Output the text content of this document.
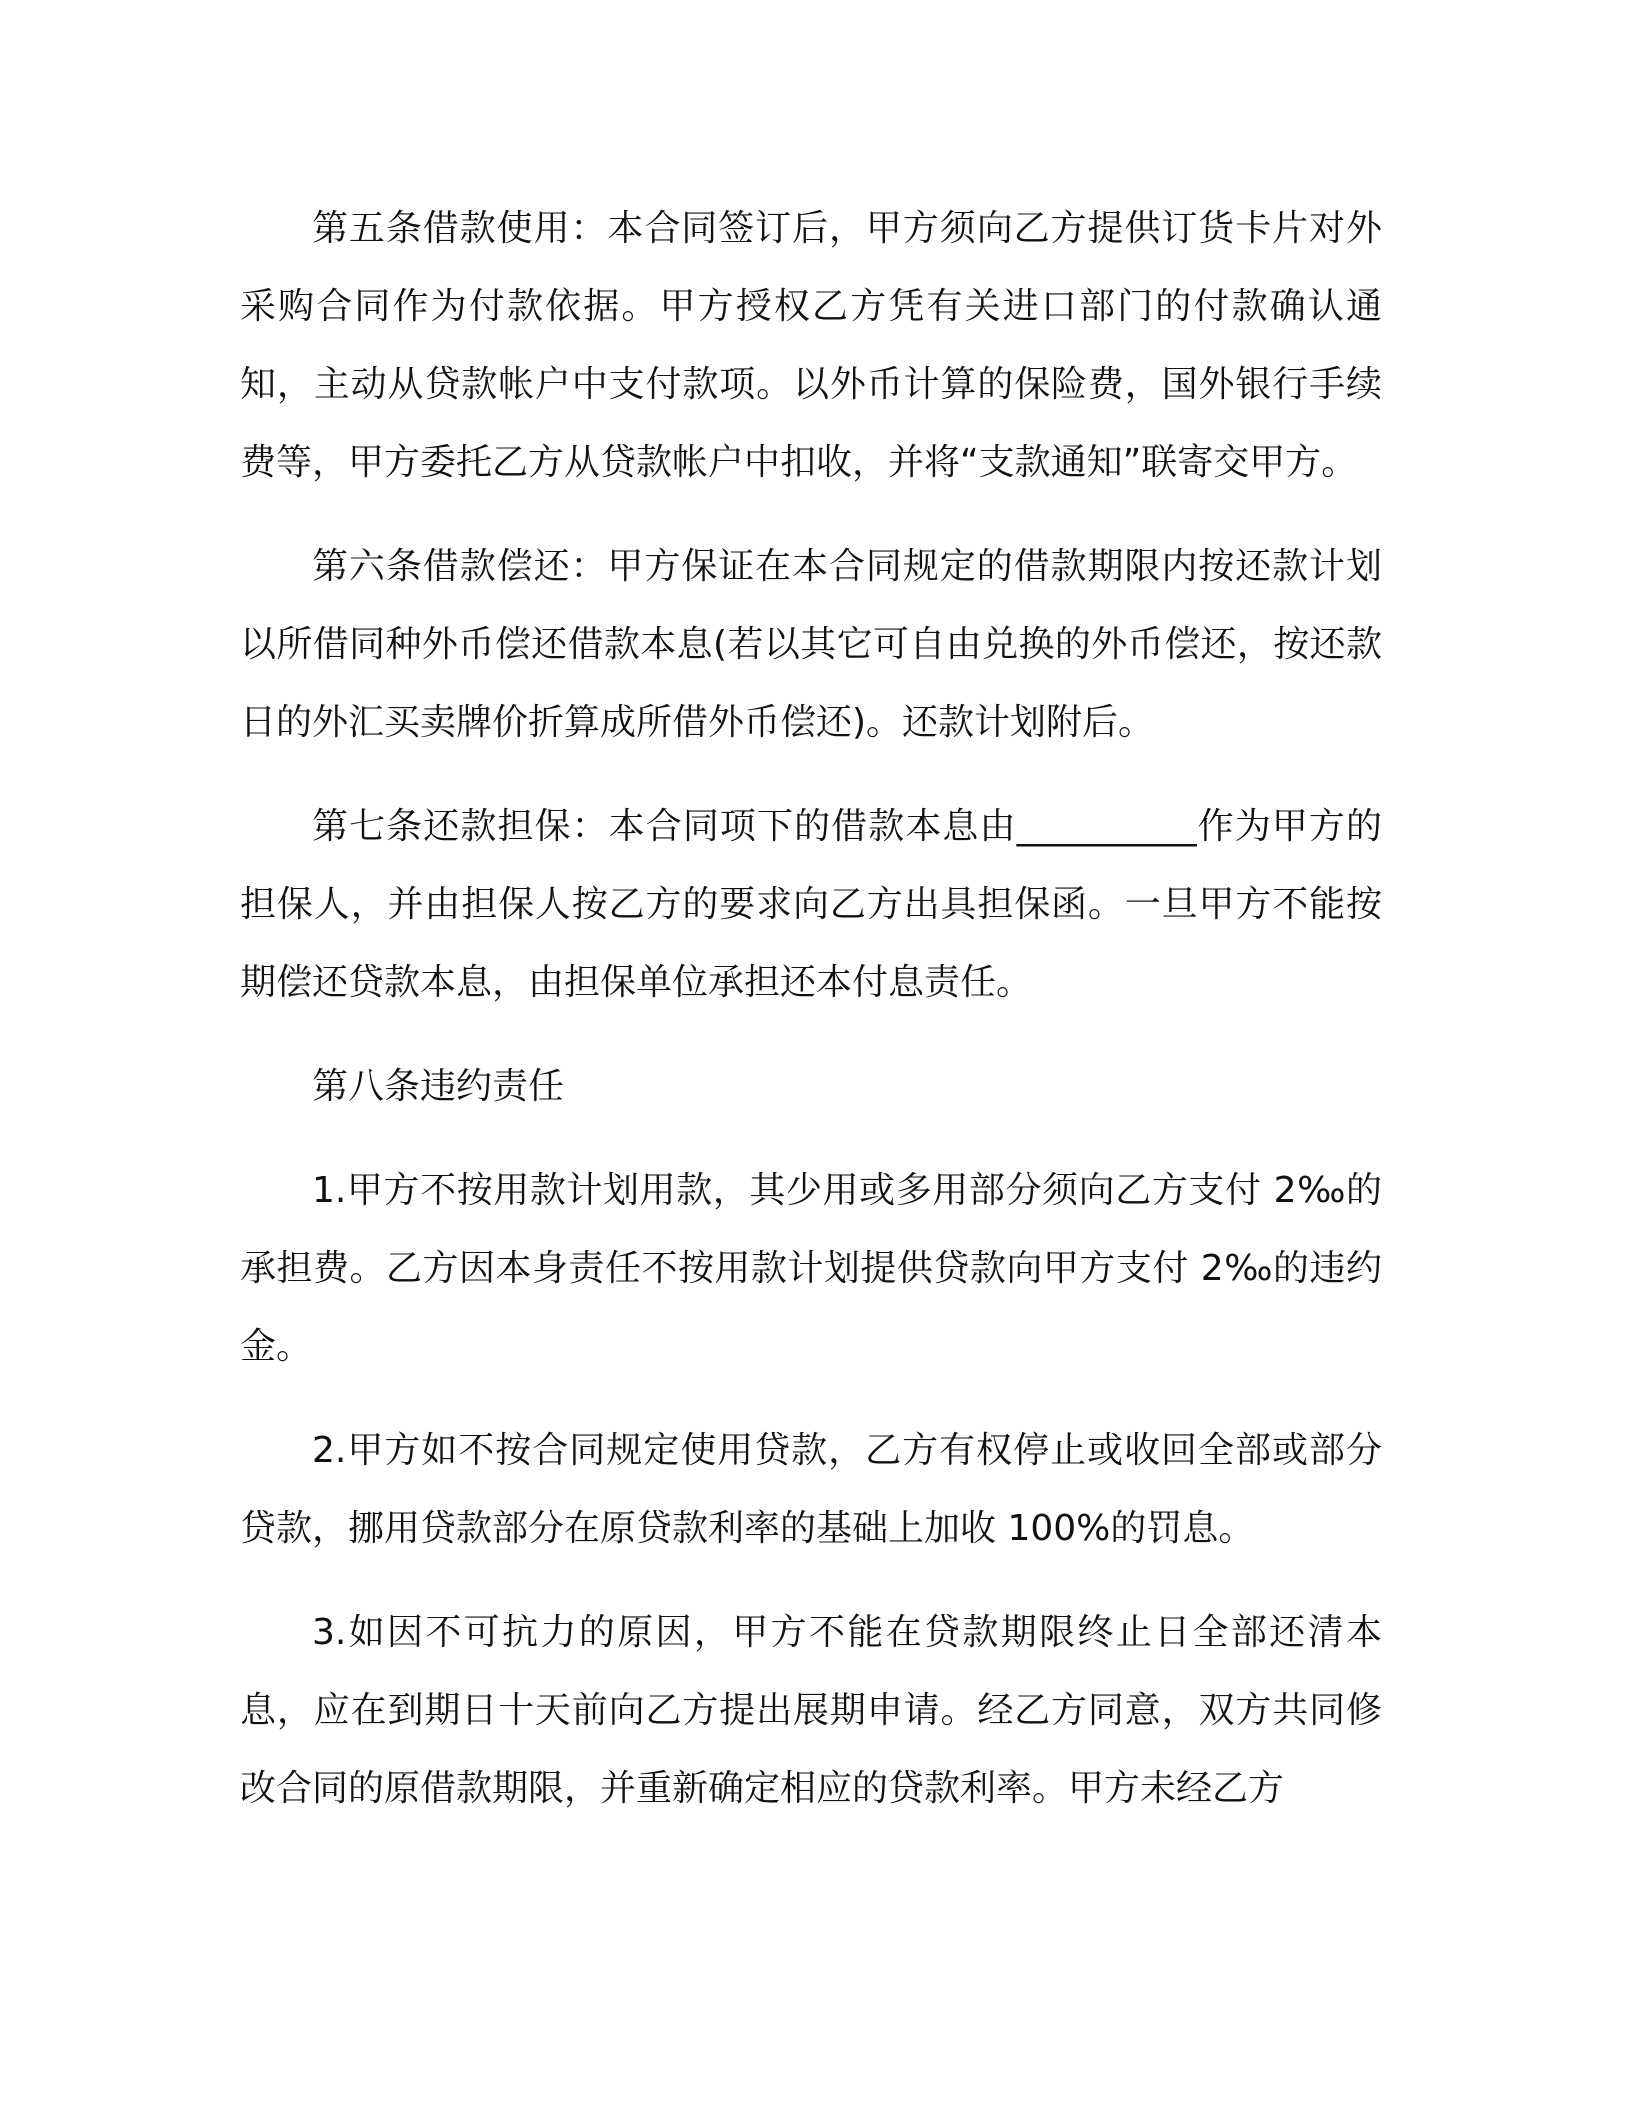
第五条借款使用：本合同签订后，甲方须向乙方提供订货卡片对外采购合同作为付款依据。甲方授权乙方凭有关进口部门的付款确认通知，主动从贷款帐户中支付款项。以外币计算的保险费，国外银行手续费等，甲方委托乙方从贷款帐户中扣收，并将“支款通知”联寄交甲方。

第六条借款偿还：甲方保证在本合同规定的借款期限内按还款计划以所借同种外币偿还借款本息(若以其它可自由兑换的外币偿还，按还款日的外汇买卖牌价折算成所借外币偿还)。还款计划附后。

第七条还款担保：本合同项下的借款本息由__________作为甲方的担保人，并由担保人按乙方的要求向乙方出具担保函。一旦甲方不能按期偿还贷款本息，由担保单位承担还本付息责任。

第八条违约责任

1.甲方不按用款计划用款，其少用或多用部分须向乙方支付 2‰的承担费。乙方因本身责任不按用款计划提供贷款向甲方支付 2‰的违约金。

2.甲方如不按合同规定使用贷款，乙方有权停止或收回全部或部分贷款，挪用贷款部分在原贷款利率的基础上加收 100%的罚息。

3.如因不可抗力的原因，甲方不能在贷款期限终止日全部还清本息，应在到期日十天前向乙方提出展期申请。经乙方同意，双方共同修改合同的原借款期限，并重新确定相应的贷款利率。甲方未经乙方
